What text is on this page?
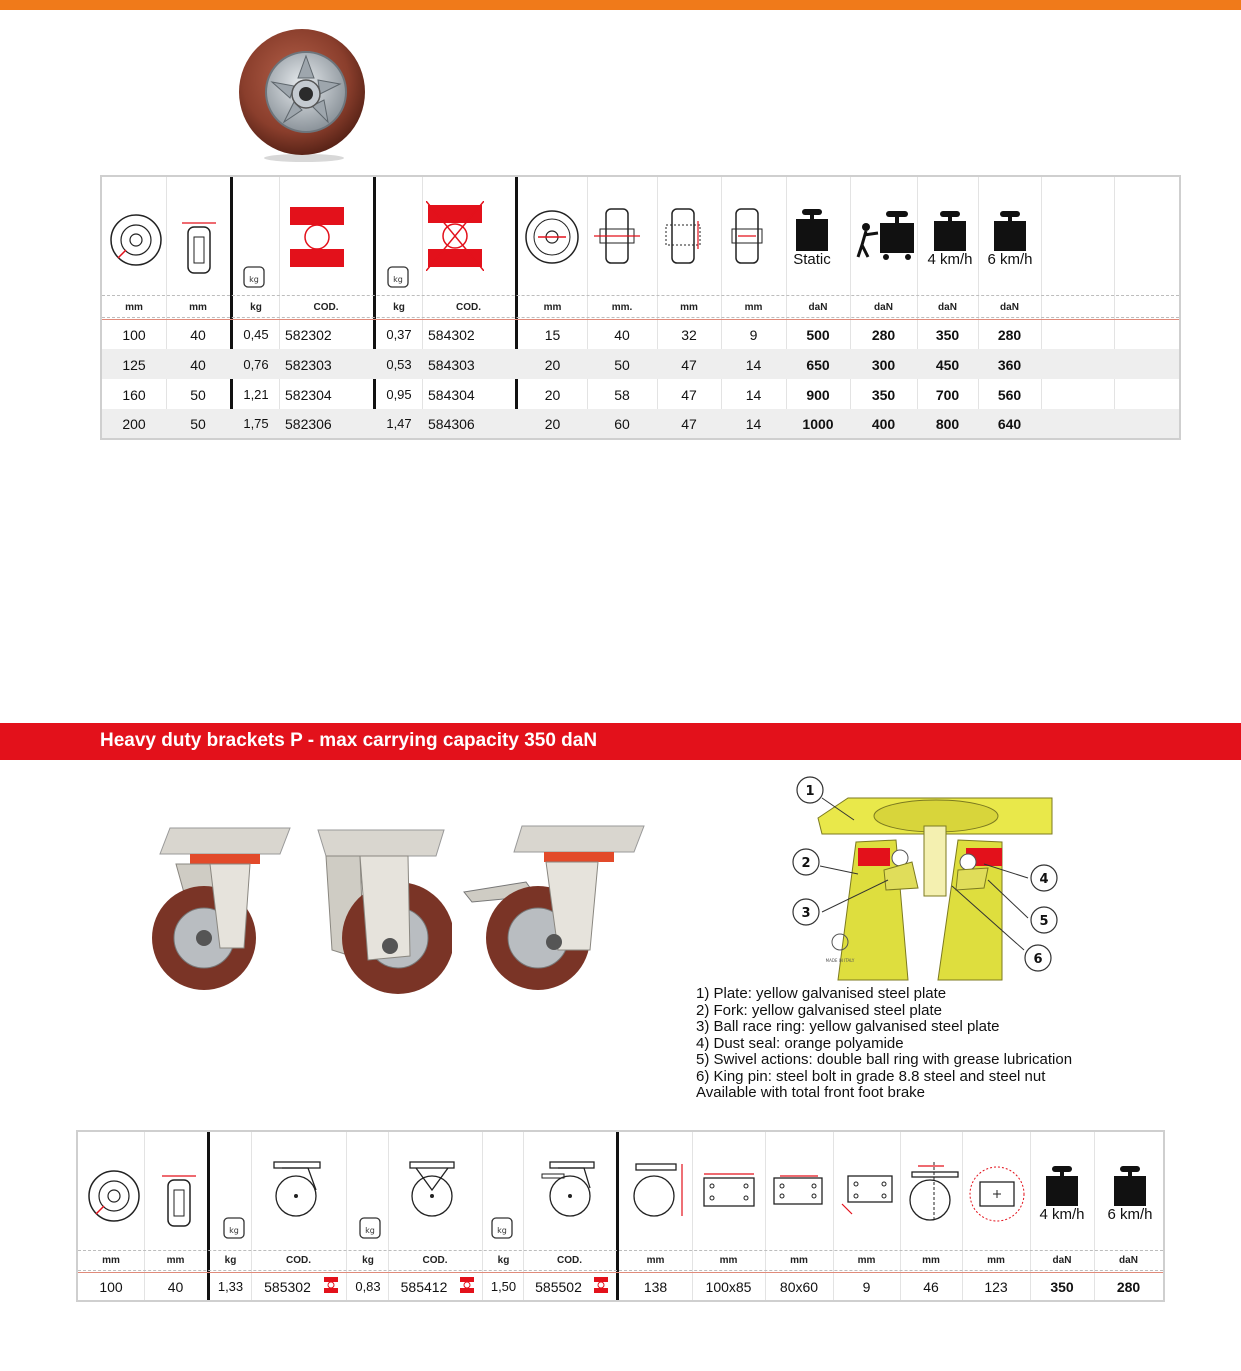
kg	kg
Static	4 km/h 6 km/h
mm	mm	kg	COD.	kg	COD.	mm	mm.	mm	mm	daN	daN	daN	daN
100	40	0,45	582302	0,37	584302	15	40	32	9	500	280	350	280
125	40	0,76	582303	0,53	584303	20	50	47	14	650	300	450	360
160	50	1,21	582304	0,95	584304	20	58	47	14	900	350	700	560
200	50	1,75	582306	1,47	584306	20	60	47	14	1000	400	800	640
Heavy duty brackets P - max carrying capacity 350 daN
1
2
3
4
5
6
MADE IN ITALY
1) Plate: yellow galvanised steel plate
2) Fork: yellow galvanised steel plate
3) Ball race ring: yellow galvanised steel plate
4) Dust seal: orange polyamide
5) Swivel actions: double ball ring with grease lubrication
6) King pin: steel bolt in grade 8.8 steel and steel nut
Available with total front foot brake
kg	kg	kg
4 km/h	6 km/h
mm	mm	kg	COD.	kg	COD.	kg	COD.	mm	mm	mm	mm	mm	mm	daN	daN
100	40	1,33	585302	0,83	585412	1,50	585502	138	100x85	80x60	9	46	123	350	280
